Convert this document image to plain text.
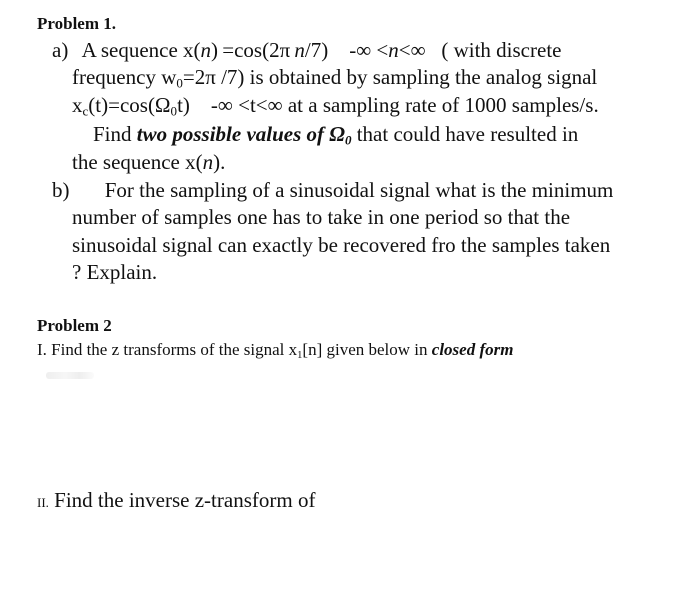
Problem 1.
a) A sequence x(n) =cos(2π n/7) -∞ <n<∞  ( with discrete
frequency $w_0=2\pi$ /7) is obtained by sampling the analog signal
$x_c(t)=\cos(\Omega_0t)$ -∞ <t<∞ at a sampling rate of 1000 samples/s.
Find two possible values of $\Omega_0$ that could have resulted in
the sequence x(n).
b) For the sampling of a sinusoidal signal what is the minimum
number of samples one has to take in one period so that the
sinusoidal signal can exactly be recovered fro the samples taken
? Explain.
Problem 2
I. Find the z transforms of the signal $x_1[n]$ given below in closed form
II. Find the inverse z-transform of
